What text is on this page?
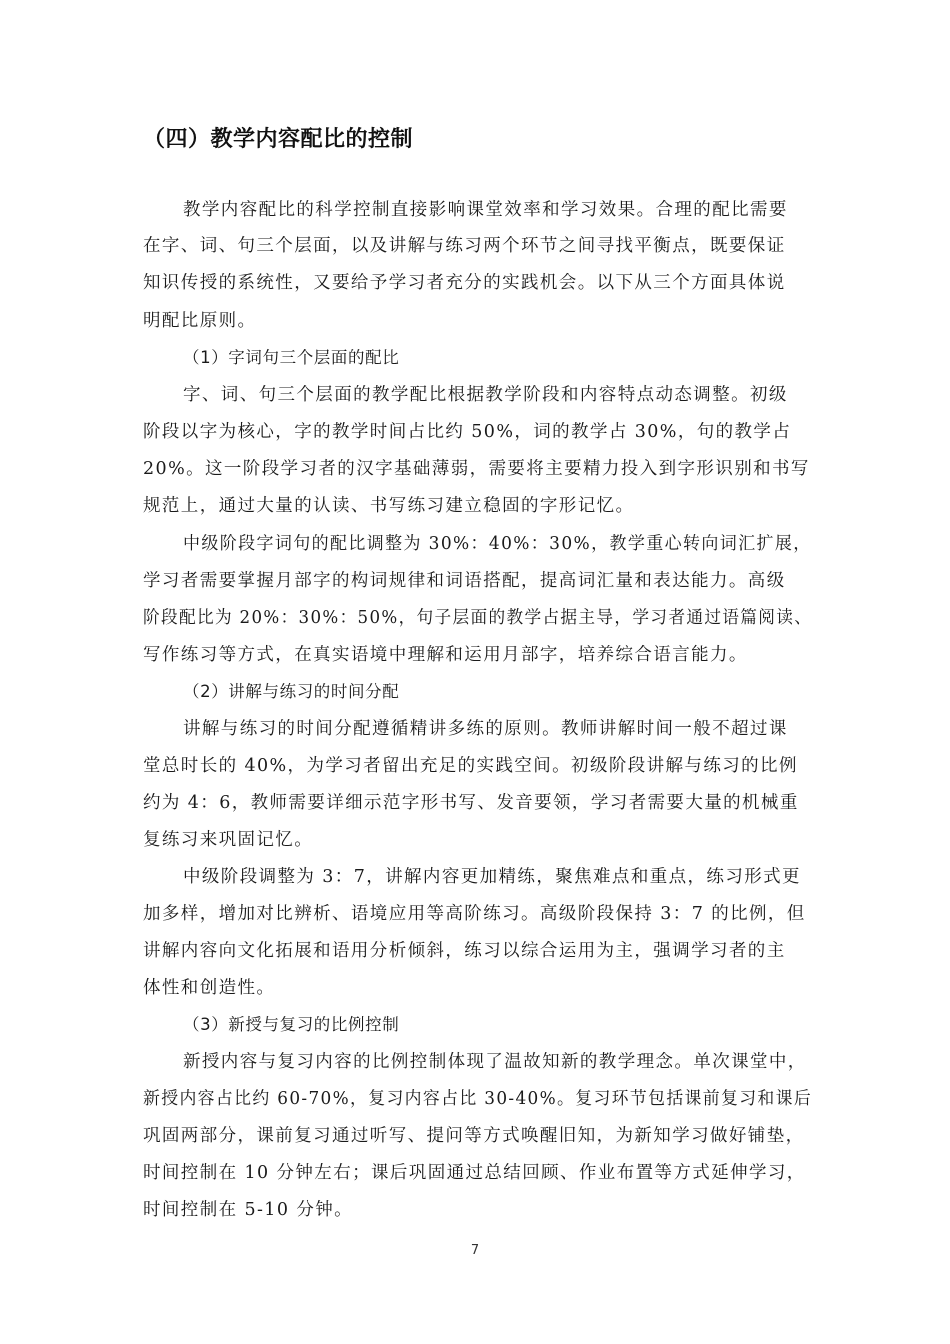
（四）教学内容配比的控制
教学内容配比的科学控制直接影响课堂效率和学习效果。合理的配比需要
在字、词、句三个层面，以及讲解与练习两个环节之间寻找平衡点，既要保证
知识传授的系统性，又要给予学习者充分的实践机会。以下从三个方面具体说
明配比原则。
（1）字词句三个层面的配比
字、词、句三个层面的教学配比根据教学阶段和内容特点动态调整。初级
阶段以字为核心，字的教学时间占比约 50%，词的教学占 30%，句的教学占
20%。这一阶段学习者的汉字基础薄弱，需要将主要精力投入到字形识别和书写
规范上，通过大量的认读、书写练习建立稳固的字形记忆。
中级阶段字词句的配比调整为 30%：40%：30%，教学重心转向词汇扩展，
学习者需要掌握月部字的构词规律和词语搭配，提高词汇量和表达能力。高级
阶段配比为 20%：30%：50%，句子层面的教学占据主导，学习者通过语篇阅读、
写作练习等方式，在真实语境中理解和运用月部字，培养综合语言能力。
（2）讲解与练习的时间分配
讲解与练习的时间分配遵循精讲多练的原则。教师讲解时间一般不超过课
堂总时长的 40%，为学习者留出充足的实践空间。初级阶段讲解与练习的比例
约为 4：6，教师需要详细示范字形书写、发音要领，学习者需要大量的机械重
复练习来巩固记忆。
中级阶段调整为 3：7，讲解内容更加精练，聚焦难点和重点，练习形式更
加多样，增加对比辨析、语境应用等高阶练习。高级阶段保持 3：7 的比例，但
讲解内容向文化拓展和语用分析倾斜，练习以综合运用为主，强调学习者的主
体性和创造性。
（3）新授与复习的比例控制
新授内容与复习内容的比例控制体现了温故知新的教学理念。单次课堂中，
新授内容占比约 60-70%，复习内容占比 30-40%。复习环节包括课前复习和课后
巩固两部分，课前复习通过听写、提问等方式唤醒旧知，为新知学习做好铺垫，
时间控制在 10 分钟左右；课后巩固通过总结回顾、作业布置等方式延伸学习，
时间控制在 5-10 分钟。
7
